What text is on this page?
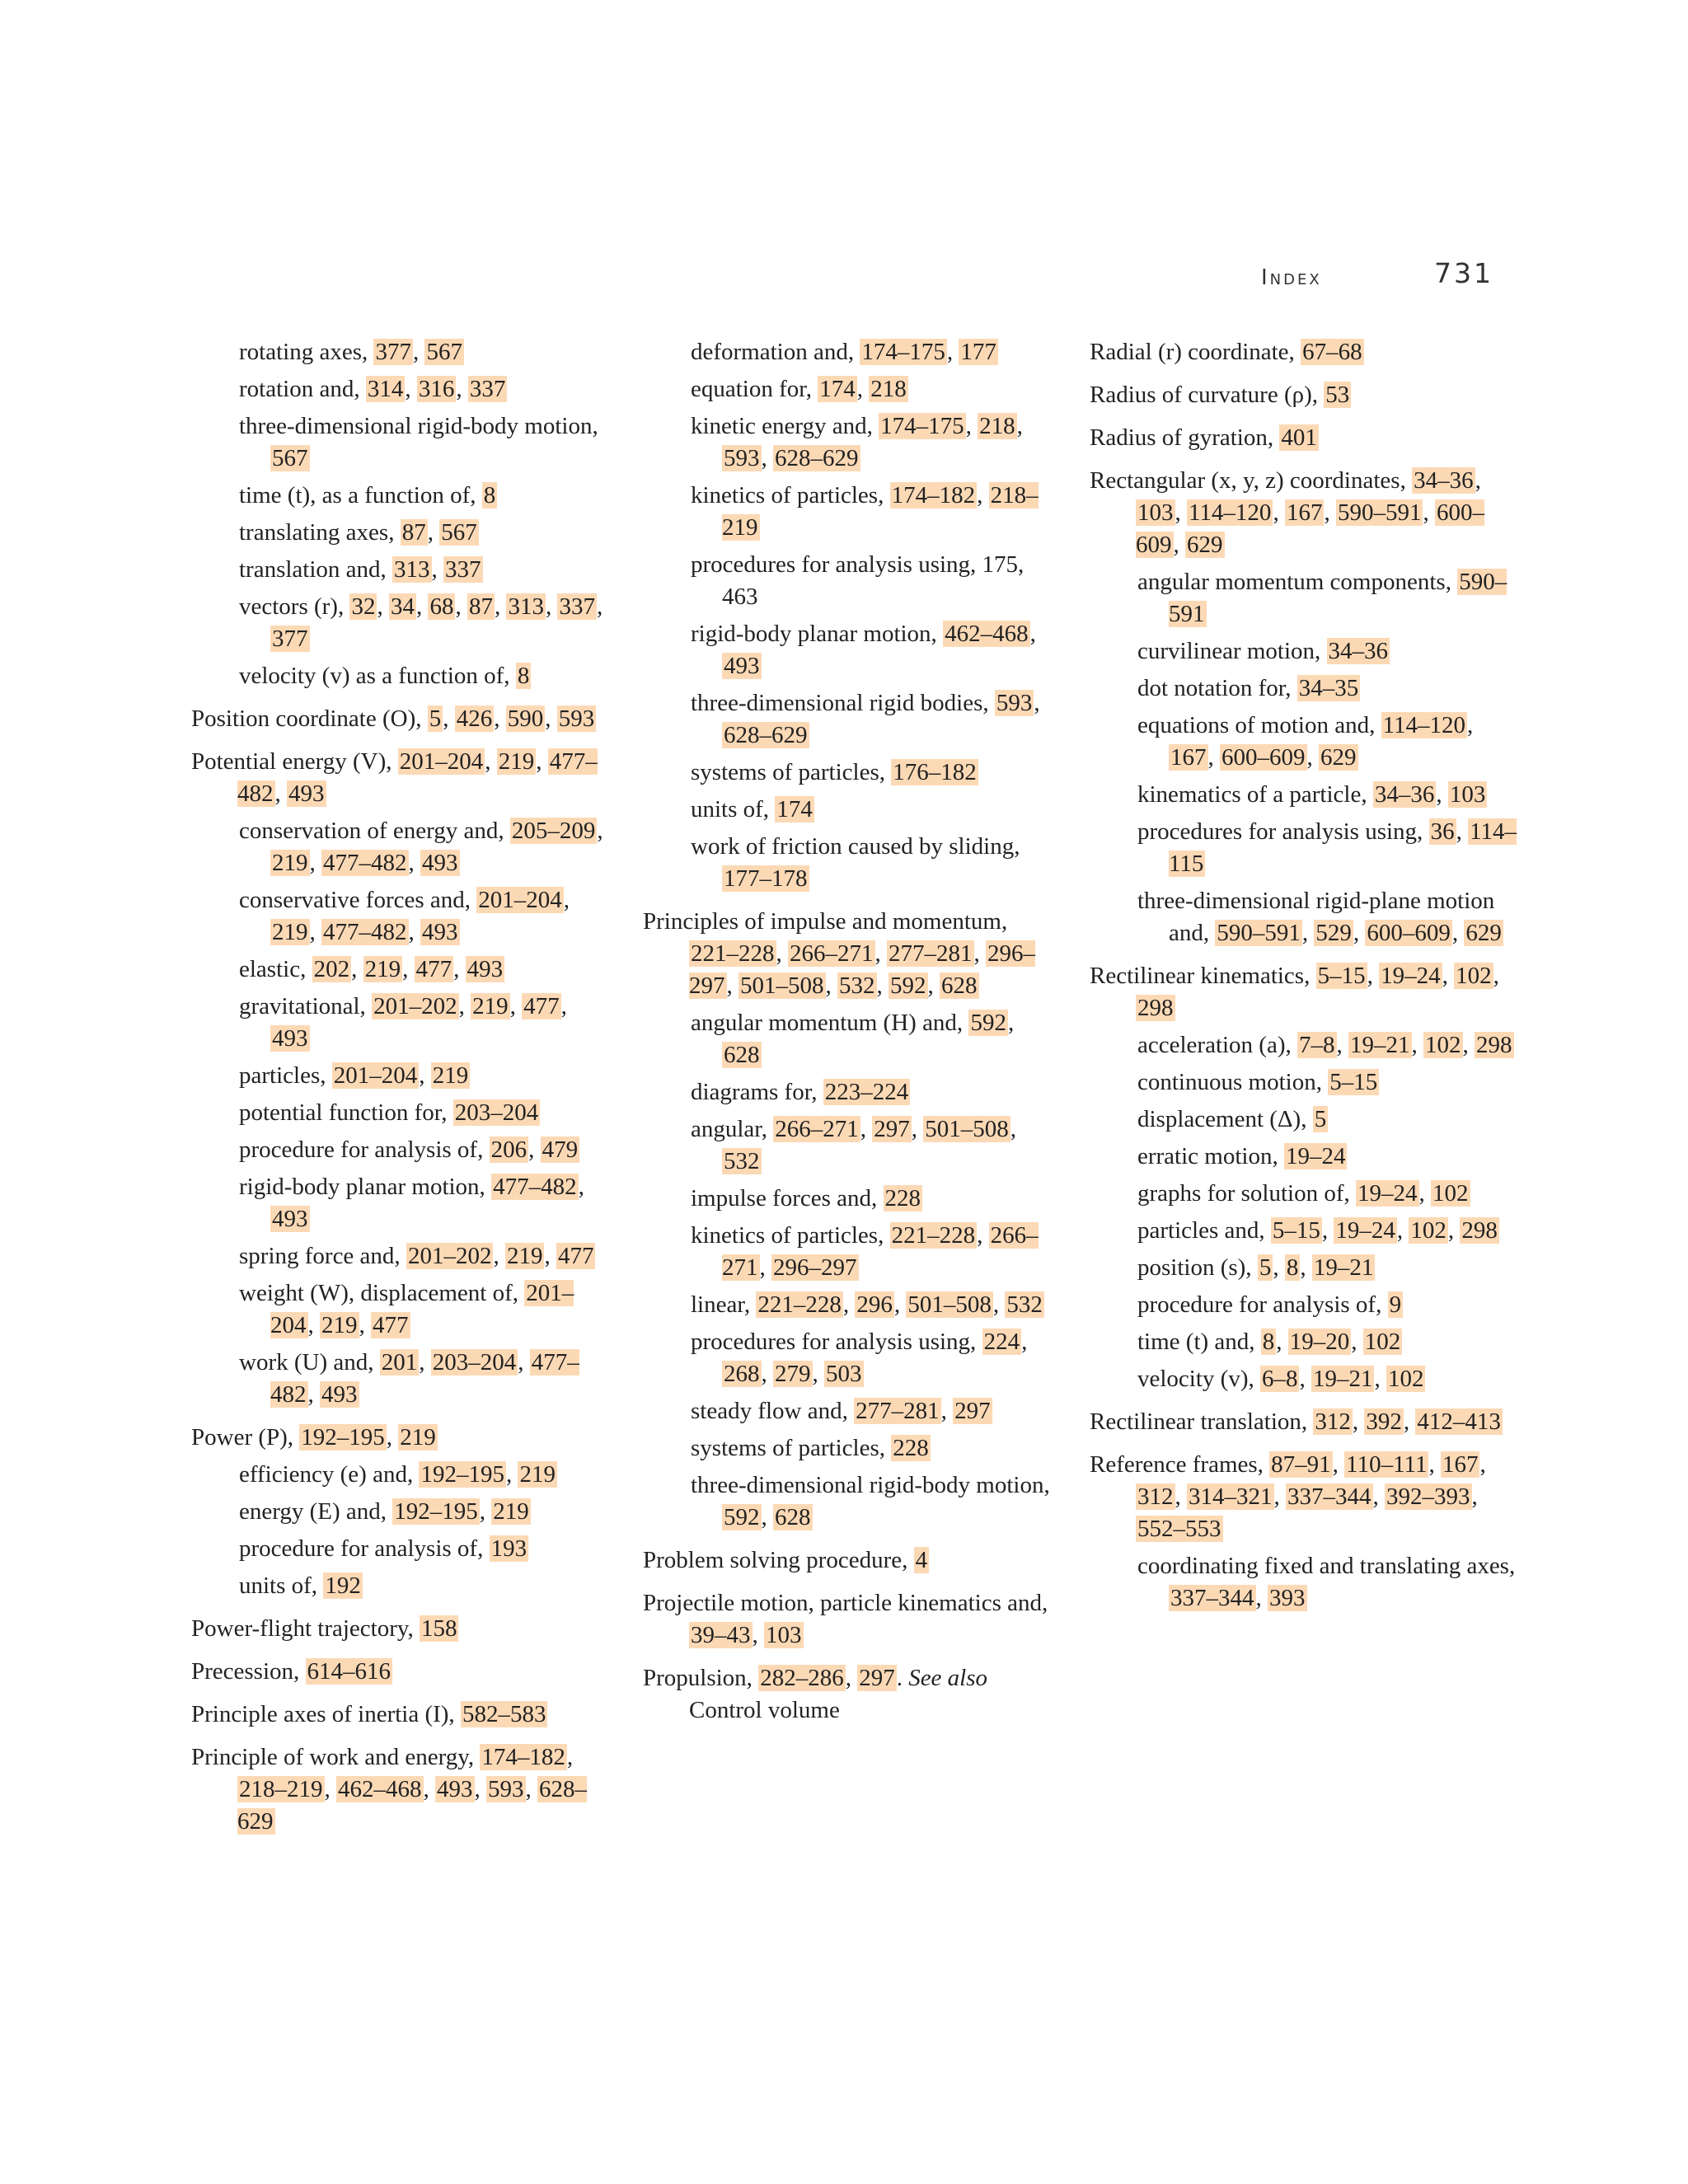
Index	731
rotating axes, 377, 567
rotation and, 314, 316, 337
three-dimensional rigid-body motion, 567
time (t), as a function of, 8
translating axes, 87, 567
translation and, 313, 337
vectors (r), 32, 34, 68, 87, 313, 337, 377
velocity (v) as a function of, 8
Position coordinate (O), 5, 426, 590, 593
Potential energy (V), 201–204, 219, 477–482, 493
conservation of energy and, 205–209, 219, 477–482, 493
conservative forces and, 201–204, 219, 477–482, 493
elastic, 202, 219, 477, 493
gravitational, 201–202, 219, 477, 493
particles, 201–204, 219
potential function for, 203–204
procedure for analysis of, 206, 479
rigid-body planar motion, 477–482, 493
spring force and, 201–202, 219, 477
weight (W), displacement of, 201–204, 219, 477
work (U) and, 201, 203–204, 477–482, 493
Power (P), 192–195, 219
efficiency (e) and, 192–195, 219
energy (E) and, 192–195, 219
procedure for analysis of, 193
units of, 192
Power-flight trajectory, 158
Precession, 614–616
Principle axes of inertia (I), 582–583
Principle of work and energy, 174–182, 218–219, 462–468, 493, 593, 628–629
deformation and, 174–175, 177
equation for, 174, 218
kinetic energy and, 174–175, 218, 593, 628–629
kinetics of particles, 174–182, 218–219
procedures for analysis using, 175, 463
rigid-body planar motion, 462–468, 493
three-dimensional rigid bodies, 593, 628–629
systems of particles, 176–182
units of, 174
work of friction caused by sliding, 177–178
Principles of impulse and momentum, 221–228, 266–271, 277–281, 296–297, 501–508, 532, 592, 628
angular momentum (H) and, 592, 628
diagrams for, 223–224
angular, 266–271, 297, 501–508, 532
impulse forces and, 228
kinetics of particles, 221–228, 266–271, 296–297
linear, 221–228, 296, 501–508, 532
procedures for analysis using, 224, 268, 279, 503
steady flow and, 277–281, 297
systems of particles, 228
three-dimensional rigid-body motion, 592, 628
Problem solving procedure, 4
Projectile motion, particle kinematics and, 39–43, 103
Propulsion, 282–286, 297. See also Control volume
Radial (r) coordinate, 67–68
Radius of curvature (ρ), 53
Radius of gyration, 401
Rectangular (x, y, z) coordinates, 34–36, 103, 114–120, 167, 590–591, 600–609, 629
angular momentum components, 590–591
curvilinear motion, 34–36
dot notation for, 34–35
equations of motion and, 114–120, 167, 600–609, 629
kinematics of a particle, 34–36, 103
procedures for analysis using, 36, 114–115
three-dimensional rigid-plane motion and, 590–591, 529, 600–609, 629
Rectilinear kinematics, 5–15, 19–24, 102, 298
acceleration (a), 7–8, 19–21, 102, 298
continuous motion, 5–15
displacement (Δ), 5
erratic motion, 19–24
graphs for solution of, 19–24, 102
particles and, 5–15, 19–24, 102, 298
position (s), 5, 8, 19–21
procedure for analysis of, 9
time (t) and, 8, 19–20, 102
velocity (v), 6–8, 19–21, 102
Rectilinear translation, 312, 392, 412–413
Reference frames, 87–91, 110–111, 167, 312, 314–321, 337–344, 392–393, 552–553
coordinating fixed and translating axes, 337–344, 393
